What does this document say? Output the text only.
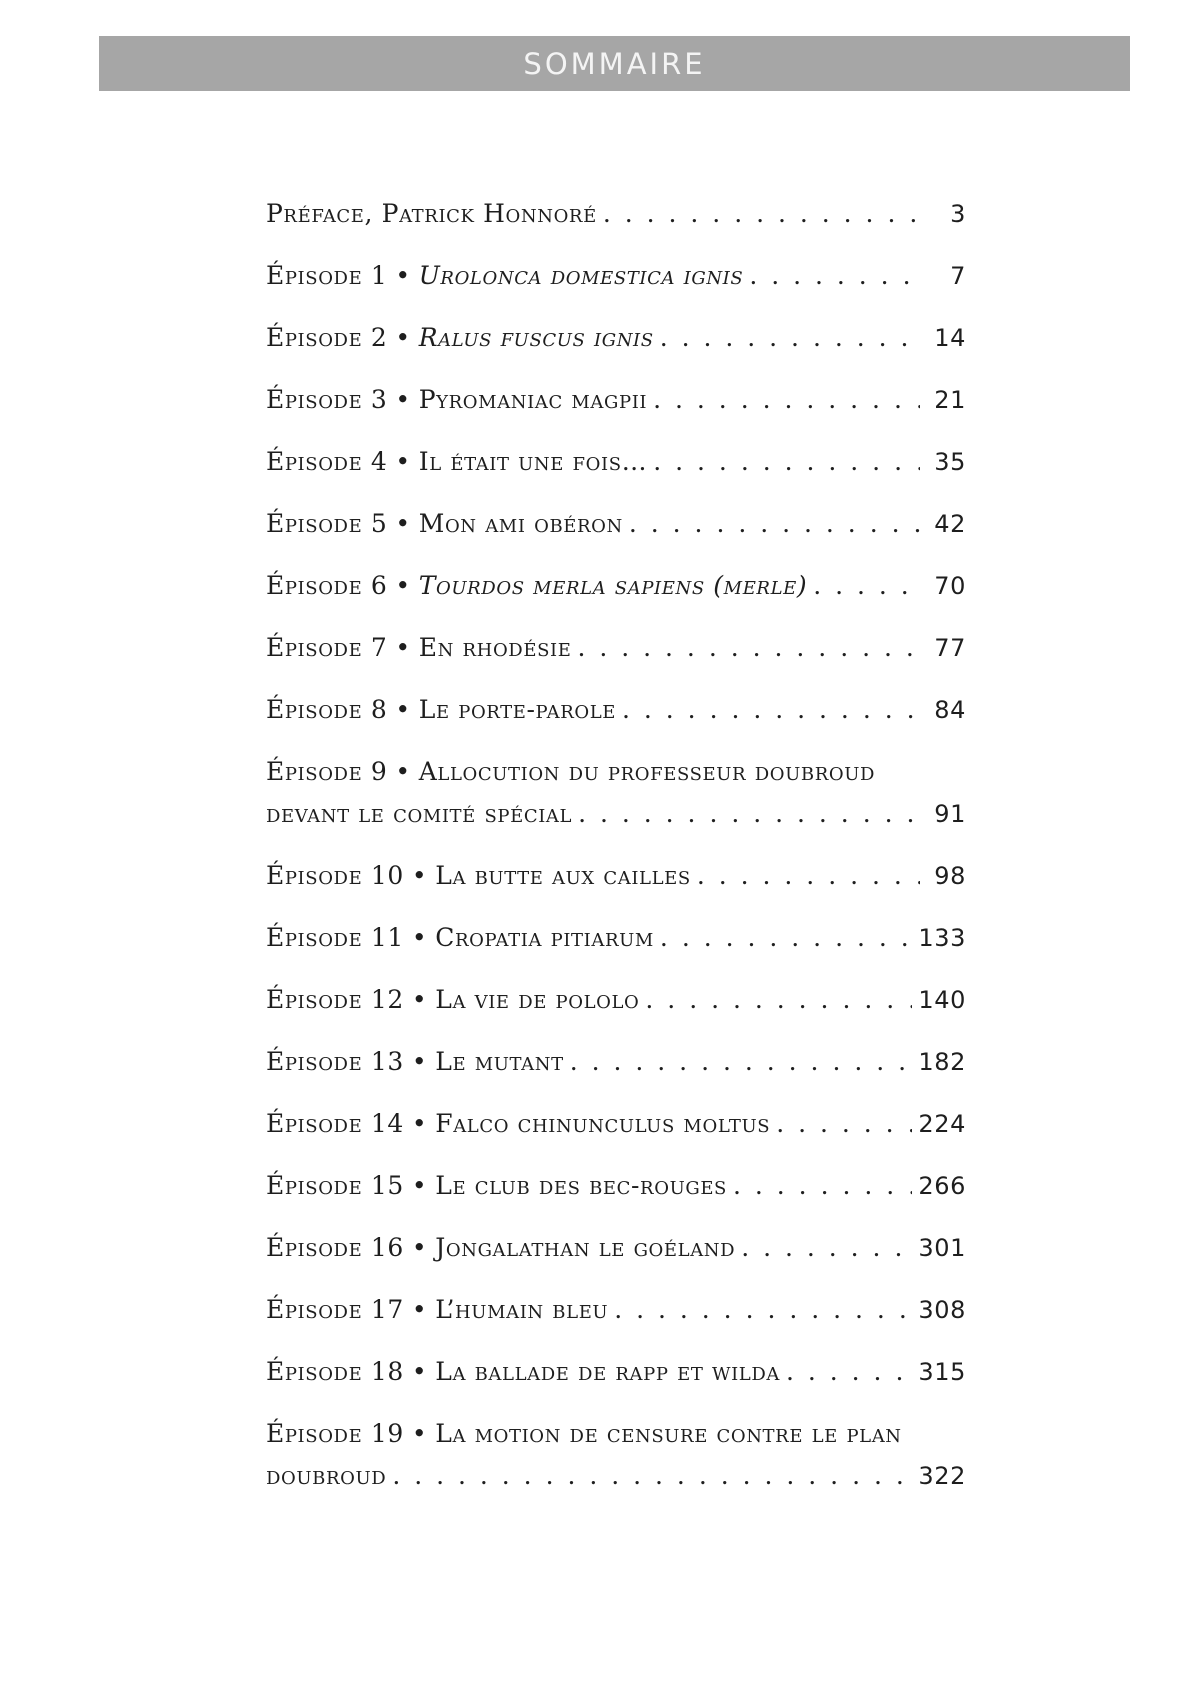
SOMMAIRE
Préface, Patrick Honnoré . . .	3
Épisode 1 • Urolonca domestica ignis . . .	7
Épisode 2 • Ralus fuscus ignis . . .	14
Épisode 3 • Pyromaniac magpii . . .	21
Épisode 4 • Il était une fois… . . .	35
Épisode 5 • Mon ami obéron . . .	42
Épisode 6 • Tourdos merla sapiens (merle) . . .	70
Épisode 7 • En rhodésie . . .	77
Épisode 8 • Le porte-parole . . .	84
Épisode 9 • Allocution du professeur doubroud
devant le comité spécial . . .	91
Épisode 10 • La butte aux cailles . . .	98
Épisode 11 • Cropatia pitiarum . . .	133
Épisode 12 • La vie de pololo . . .	140
Épisode 13 • Le mutant . . .	182
Épisode 14 • Falco chinunculus moltus . . .	224
Épisode 15 • Le club des bec-rouges . . .	266
Épisode 16 • Jongalathan le goéland . . .	301
Épisode 17 • L’humain bleu . . .	308
Épisode 18 • La ballade de rapp et wilda . . .	315
Épisode 19 • La motion de censure contre le plan
doubroud . . .	322
